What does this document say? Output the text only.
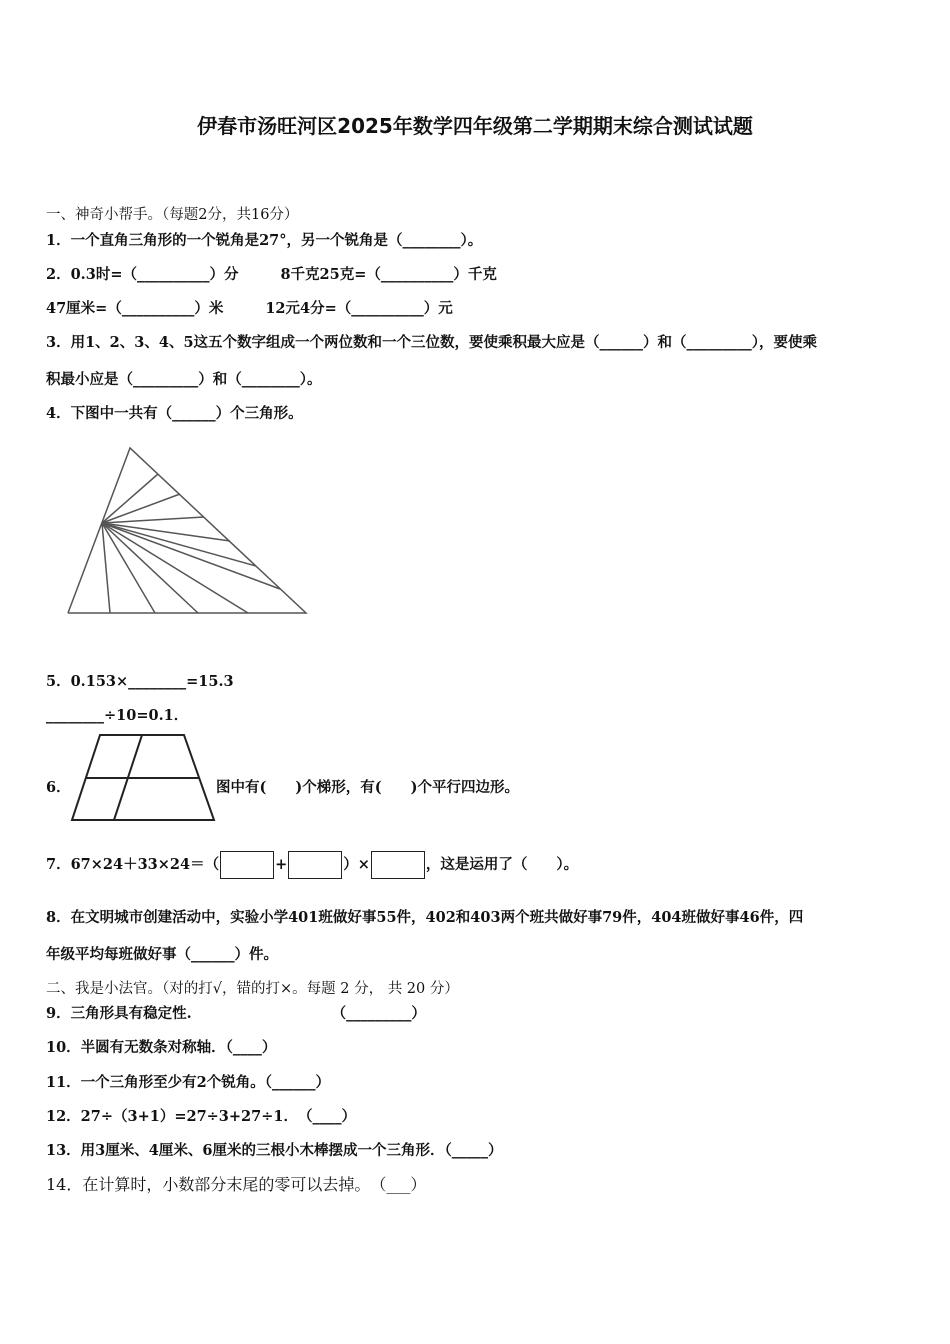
伊春市汤旺河区2025年数学四年级第二学期期末综合测试试题
一、神奇小帮手。（每题2分，共16分）
1．一个直角三角形的一个锐角是27°，另一个锐角是（________）。
2．0.3时=（__________）分	8千克25克=（__________）千克
47厘米=（__________）米	12元4分=（__________）元
3．用1、2、3、4、5这五个数字组成一个两位数和一个三位数，要使乘积最大应是（______）和（_________），要使乘
积最小应是（_________）和（________）。
4．下图中一共有（______）个三角形。
5．0.153×________=15.3
________÷10=0.1．
6．	图中有(　　)个梯形，有(　　)个平行四边形。
7．67×24＋33×24＝（	+	）×	，这是运用了（　　）。
8．在文明城市创建活动中，实验小学401班做好事55件，402和403两个班共做好事79件，404班做好事46件，四
年级平均每班做好事（______）件。
二、我是小法官。（对的打√，错的打×。每题 2 分， 共 20 分）
9．三角形具有稳定性.	（_________）
10．半圆有无数条对称轴．（____）
11．一个三角形至少有2个锐角。（______）
12．27÷（3+1）=27÷3+27÷1．　（____）
13．用3厘米、4厘米、6厘米的三根小木棒摆成一个三角形．（_____）
14．在计算时，小数部分末尾的零可以去掉。　（___）
